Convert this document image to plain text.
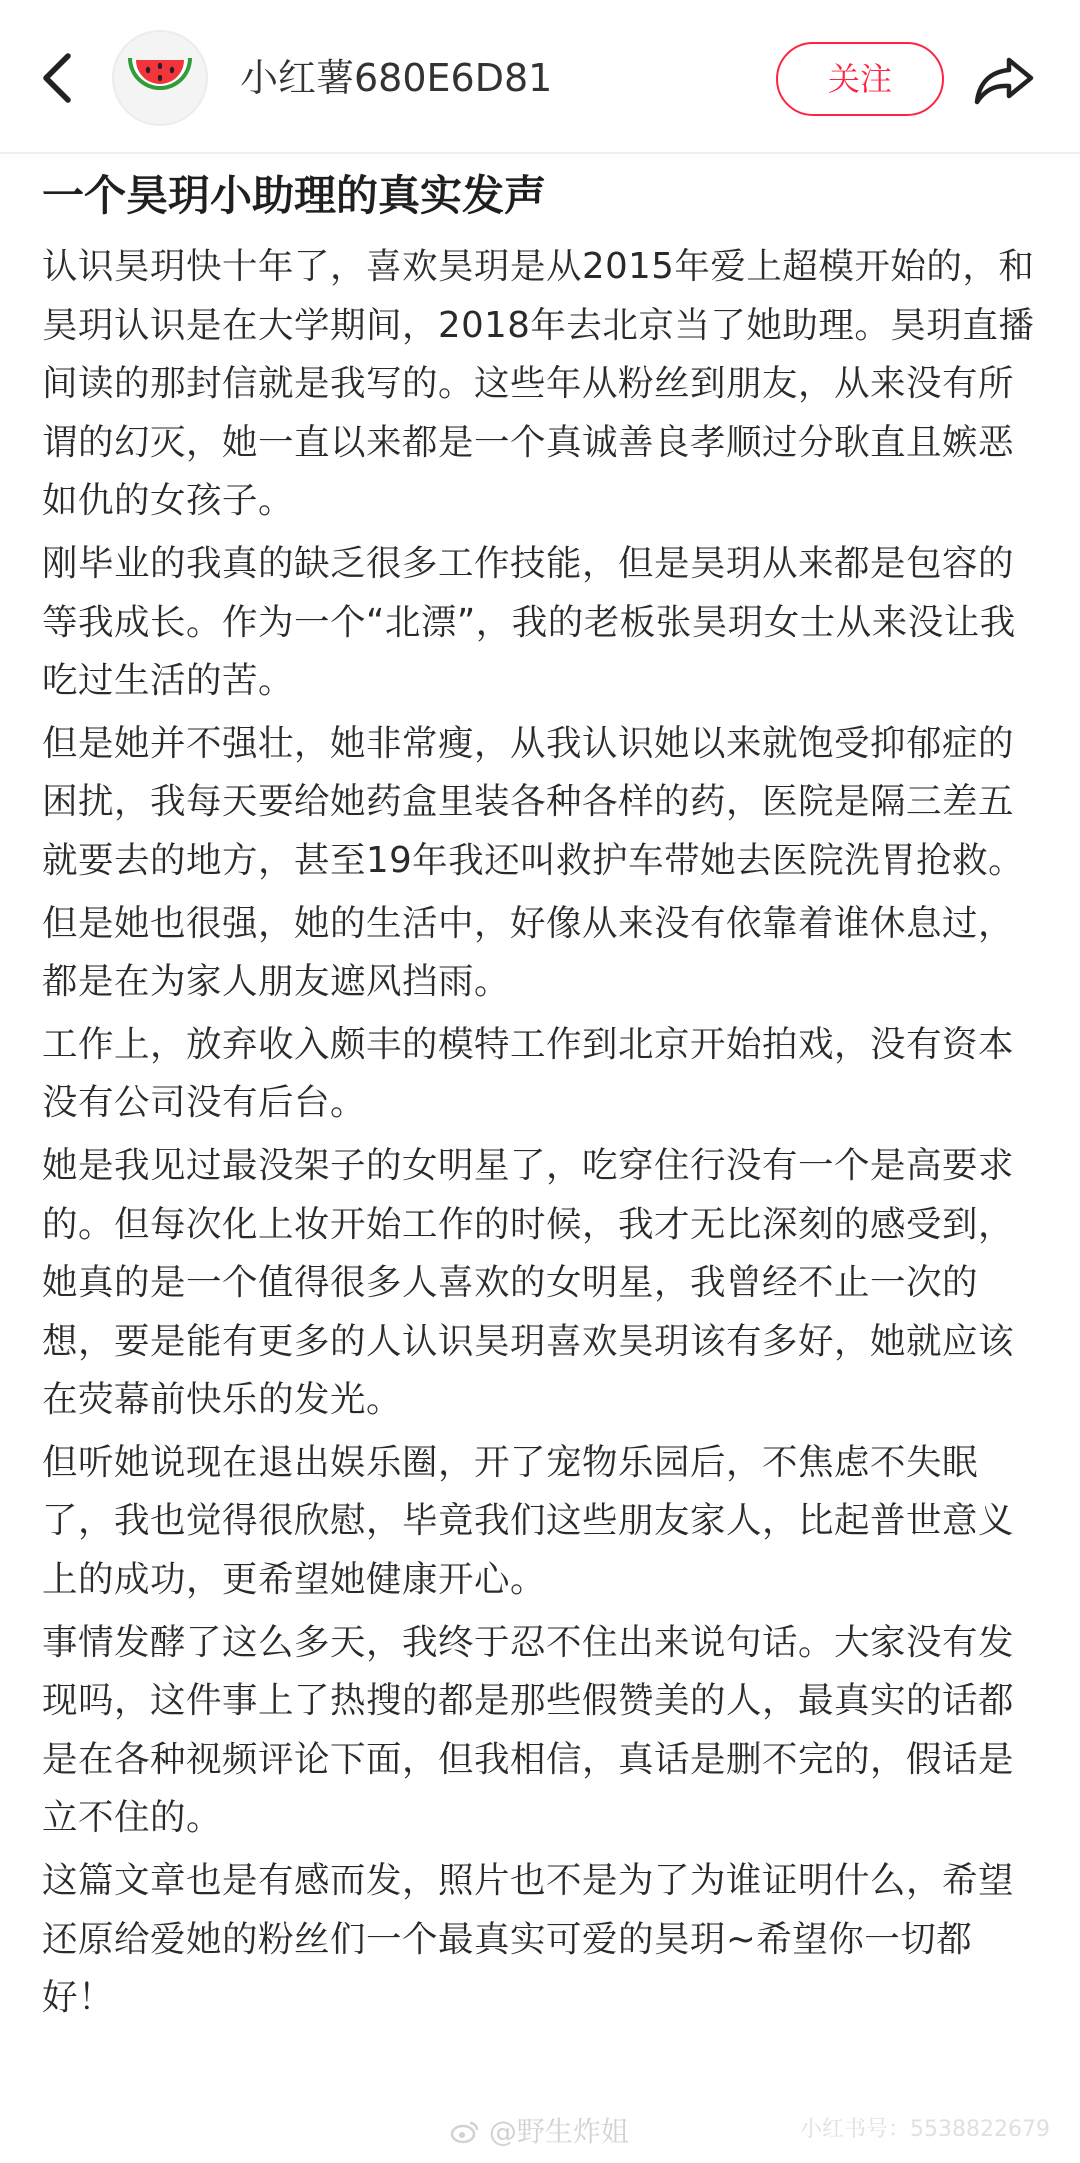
小红薯680E6D81	关注
一个昊玥小助理的真实发声

认识昊玥快十年了，喜欢昊玥是从2015年爱上超模开始的，和昊玥认识是在大学期间，2018年去北京当了她助理。昊玥直播间读的那封信就是我写的。这些年从粉丝到朋友，从来没有所谓的幻灭，她一直以来都是一个真诚善良孝顺过分耿直且嫉恶如仇的女孩子。

刚毕业的我真的缺乏很多工作技能，但是昊玥从来都是包容的等我成长。作为一个“北漂”，我的老板张昊玥女士从来没让我吃过生活的苦。

但是她并不强壮，她非常瘦，从我认识她以来就饱受抑郁症的困扰，我每天要给她药盒里装各种各样的药，医院是隔三差五就要去的地方，甚至19年我还叫救护车带她去医院洗胃抢救。

但是她也很强，她的生活中，好像从来没有依靠着谁休息过，都是在为家人朋友遮风挡雨。

工作上，放弃收入颇丰的模特工作到北京开始拍戏，没有资本没有公司没有后台。

她是我见过最没架子的女明星了，吃穿住行没有一个是高要求的。但每次化上妆开始工作的时候，我才无比深刻的感受到，她真的是一个值得很多人喜欢的女明星，我曾经不止一次的想，要是能有更多的人认识昊玥喜欢昊玥该有多好，她就应该在荧幕前快乐的发光。

但听她说现在退出娱乐圈，开了宠物乐园后，不焦虑不失眠了，我也觉得很欣慰，毕竟我们这些朋友家人，比起普世意义上的成功，更希望她健康开心。

事情发酵了这么多天，我终于忍不住出来说句话。大家没有发现吗，这件事上了热搜的都是那些假赞美的人，最真实的话都是在各种视频评论下面，但我相信，真话是删不完的，假话是立不住的。

这篇文章也是有感而发，照片也不是为了为谁证明什么，希望还原给爱她的粉丝们一个最真实可爱的昊玥~希望你一切都好！

@野生炸姐	小红书号：5538822679
